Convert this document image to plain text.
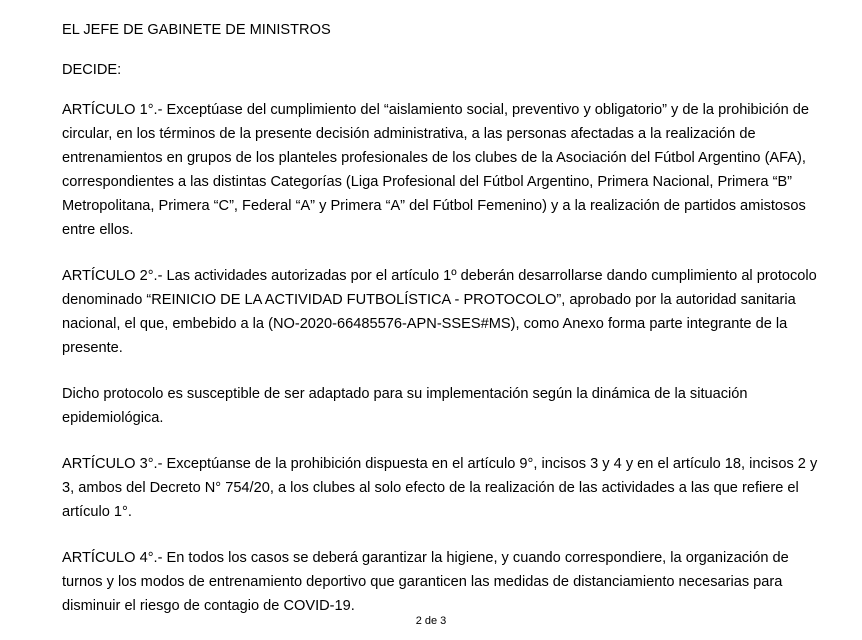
EL JEFE DE GABINETE DE MINISTROS

DECIDE:

ARTÍCULO 1°.- Exceptúase del cumplimiento del “aislamiento social, preventivo y obligatorio” y de la prohibición de circular, en los términos de la presente decisión administrativa, a las personas afectadas a la realización de entrenamientos en grupos de los planteles profesionales de los clubes de la Asociación del Fútbol Argentino (AFA), correspondientes a las distintas Categorías (Liga Profesional del Fútbol Argentino, Primera Nacional, Primera “B” Metropolitana, Primera “C”, Federal “A” y Primera “A” del Fútbol Femenino) y a la realización de partidos amistosos entre ellos.

ARTÍCULO 2°.- Las actividades autorizadas por el artículo 1º deberán desarrollarse dando cumplimiento al protocolo denominado “REINICIO DE LA ACTIVIDAD FUTBOLÍSTICA - PROTOCOLO”, aprobado por la autoridad sanitaria nacional, el que, embebido a la (NO-2020-66485576-APN-SSES#MS), como Anexo forma parte integrante de la presente.

Dicho protocolo es susceptible de ser adaptado para su implementación según la dinámica de la situación epidemiológica.

ARTÍCULO 3°.- Exceptúanse de la prohibición dispuesta en el artículo 9°, incisos 3 y 4 y en el artículo 18, incisos 2 y 3, ambos del Decreto N° 754/20, a los clubes al solo efecto de la realización de las actividades a las que refiere el artículo 1°.

ARTÍCULO 4°.- En todos los casos se deberá garantizar la higiene, y cuando correspondiere, la organización de turnos y los modos de entrenamiento deportivo que garanticen las medidas de distanciamiento necesarias para disminuir el riesgo de contagio de COVID-19.

2 de 3
